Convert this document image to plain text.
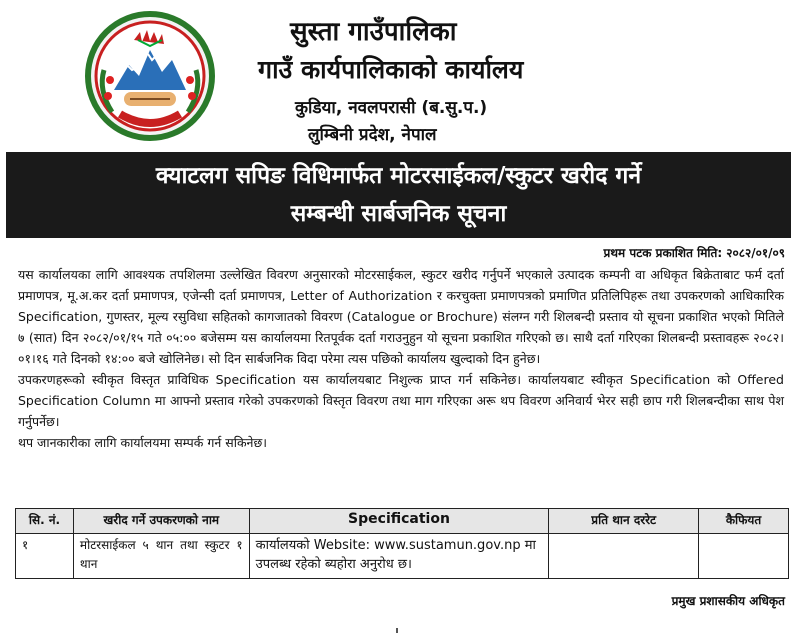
सुस्ता गाउँपालिका
गाउँ कार्यपालिकाको कार्यालय
कुडिया, नवलपरासी (ब.सु.प.)
लुम्बिनी प्रदेश, नेपाल
क्याटलग सपिङ विधिमार्फत मोटरसाईकल/स्कुटर खरीद गर्ने
सम्बन्धी सार्बजनिक सूचना
प्रथम पटक प्रकाशित मिति: २०८२/०१/०९

यस कार्यालयका लागि आवश्यक तपशिलमा उल्लेखित विवरण अनुसारको मोटरसाईकल, स्कुटर खरीद गर्नुपर्ने भएकाले उत्पादक कम्पनी वा अधिकृत बिक्रेताबाट फर्म दर्ता प्रमाणपत्र, मू.अ.कर दर्ता प्रमाणपत्र, एजेन्सी दर्ता प्रमाणपत्र, Letter of Authorization र करचुक्ता प्रमाणपत्रको प्रमाणित प्रतिलिपिहरू तथा उपकरणको आधिकारिक Specification, गुणस्तर, मूल्य रसुविधा सहितको कागजातको विवरण (Catalogue or Brochure) संलग्न गरी शिलबन्दी प्रस्ताव यो सूचना प्रकाशित भएको मितिले ७ (सात) दिन २०८२/०१/१५ गते ०५:०० बजेसम्म यस कार्यालयमा रितपूर्वक दर्ता गराउनुहुन यो सूचना प्रकाशित गरिएको छ। साथै दर्ता गरिएका शिलबन्दी प्रस्तावहरू २०८२।०१।१६ गते दिनको १४:०० बजे खोलिनेछ। सो दिन सार्बजनिक विदा परेमा त्यस पछिको कार्यालय खुल्दाको दिन हुनेछ।

उपकरणहरूको स्वीकृत विस्तृत प्राविधिक Specification यस कार्यालयबाट निशुल्क प्राप्त गर्न सकिनेछ। कार्यालयबाट स्वीकृत Specification को Offered Specification Column मा आफ्नो प्रस्ताव गरेको उपकरणको विस्तृत विवरण तथा माग गरिएका अरू थप विवरण अनिवार्य भेरर सही छाप गरी शिलबन्दीका साथ पेश गर्नुपर्नेछ।

थप जानकारीका लागि कार्यालयमा सम्पर्क गर्न सकिनेछ।

सि. नं.	खरीद गर्ने उपकरणको नाम	Specification	प्रति थान दररेट	कैफियत
१	मोटरसाईकल ५ थान तथा स्कुटर १ थान	कार्यालयको Website: www.sustamun.gov.np मा उपलब्ध रहेको ब्यहोरा अनुरोध छ।		
प्रमुख प्रशासकीय अधिकृत
